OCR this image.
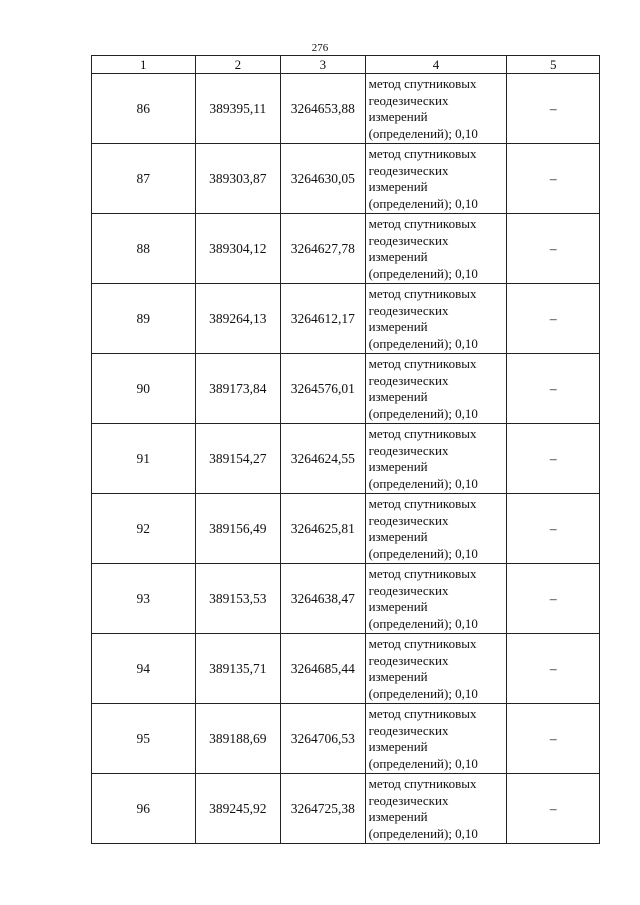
276
1	2	3	4	5
86	389395,11	3264653,88	метод спутниковых
геодезических
измерений
(определений); 0,10	–
87	389303,87	3264630,05	метод спутниковых
геодезических
измерений
(определений); 0,10	–
88	389304,12	3264627,78	метод спутниковых
геодезических
измерений
(определений); 0,10	–
89	389264,13	3264612,17	метод спутниковых
геодезических
измерений
(определений); 0,10	–
90	389173,84	3264576,01	метод спутниковых
геодезических
измерений
(определений); 0,10	–
91	389154,27	3264624,55	метод спутниковых
геодезических
измерений
(определений); 0,10	–
92	389156,49	3264625,81	метод спутниковых
геодезических
измерений
(определений); 0,10	–
93	389153,53	3264638,47	метод спутниковых
геодезических
измерений
(определений); 0,10	–
94	389135,71	3264685,44	метод спутниковых
геодезических
измерений
(определений); 0,10	–
95	389188,69	3264706,53	метод спутниковых
геодезических
измерений
(определений); 0,10	–
96	389245,92	3264725,38	метод спутниковых
геодезических
измерений
(определений); 0,10	–
